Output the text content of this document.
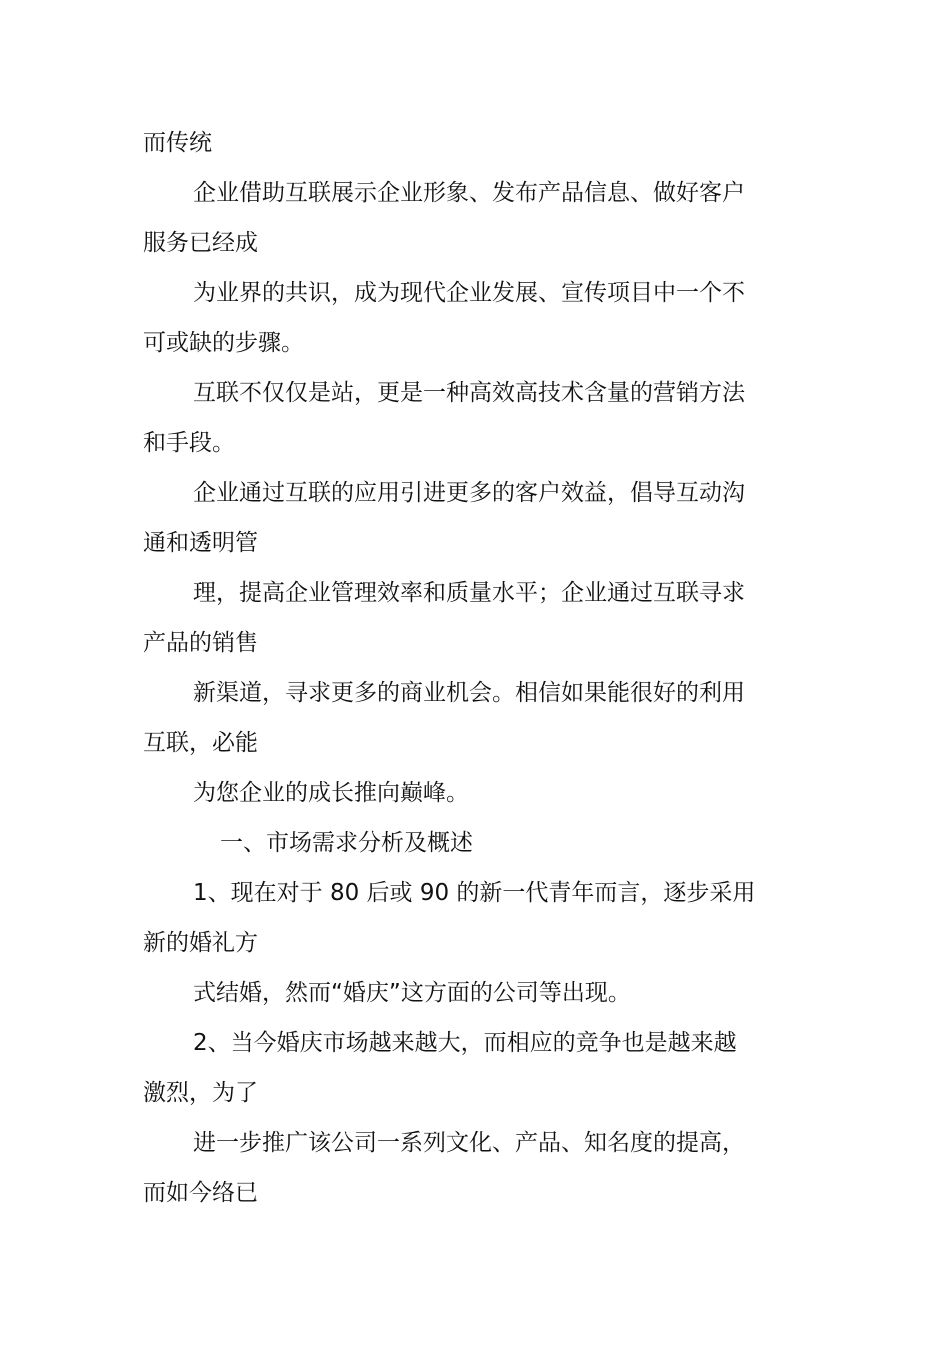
而传统
企业借助互联展示企业形象、发布产品信息、做好客户
服务已经成
为业界的共识，成为现代企业发展、宣传项目中一个不
可或缺的步骤。
互联不仅仅是站，更是一种高效高技术含量的营销方法
和手段。
企业通过互联的应用引进更多的客户效益，倡导互动沟
通和透明管
理，提高企业管理效率和质量水平；企业通过互联寻求
产品的销售
新渠道，寻求更多的商业机会。相信如果能很好的利用
互联，必能
为您企业的成长推向巅峰。
一、市场需求分析及概述
1、现在对于 80 后或 90 的新一代青年而言，逐步采用
新的婚礼方
式结婚，然而“婚庆”这方面的公司等出现。
2、当今婚庆市场越来越大，而相应的竞争也是越来越
激烈，为了
进一步推广该公司一系列文化、产品、知名度的提高，
而如今络已
